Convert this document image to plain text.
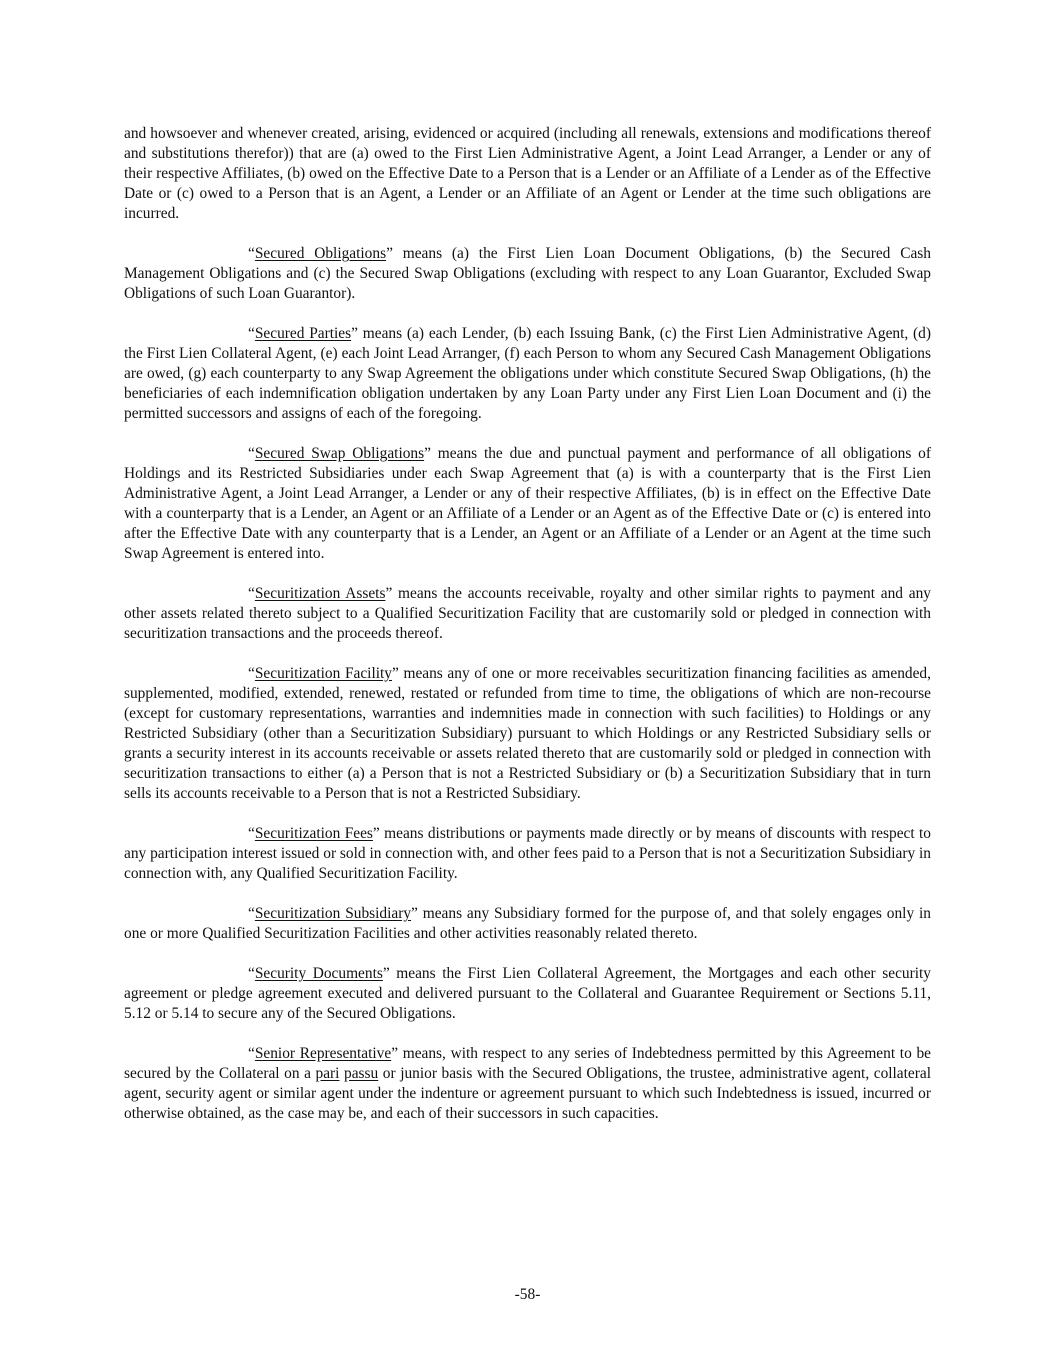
and howsoever and whenever created, arising, evidenced or acquired (including all renewals, extensions and modifications thereof and substitutions therefor)) that are (a) owed to the First Lien Administrative Agent, a Joint Lead Arranger, a Lender or any of their respective Affiliates, (b) owed on the Effective Date to a Person that is a Lender or an Affiliate of a Lender as of the Effective Date or (c) owed to a Person that is an Agent, a Lender or an Affiliate of an Agent or Lender at the time such obligations are incurred.

“Secured Obligations” means (a) the First Lien Loan Document Obligations, (b) the Secured Cash Management Obligations and (c) the Secured Swap Obligations (excluding with respect to any Loan Guarantor, Excluded Swap Obligations of such Loan Guarantor).

“Secured Parties” means (a) each Lender, (b) each Issuing Bank, (c) the First Lien Administrative Agent, (d) the First Lien Collateral Agent, (e) each Joint Lead Arranger, (f) each Person to whom any Secured Cash Management Obligations are owed, (g) each counterparty to any Swap Agreement the obligations under which constitute Secured Swap Obligations, (h) the beneficiaries of each indemnification obligation undertaken by any Loan Party under any First Lien Loan Document and (i) the permitted successors and assigns of each of the foregoing.

“Secured Swap Obligations” means the due and punctual payment and performance of all obligations of Holdings and its Restricted Subsidiaries under each Swap Agreement that (a) is with a counterparty that is the First Lien Administrative Agent, a Joint Lead Arranger, a Lender or any of their respective Affiliates, (b) is in effect on the Effective Date with a counterparty that is a Lender, an Agent or an Affiliate of a Lender or an Agent as of the Effective Date or (c) is entered into after the Effective Date with any counterparty that is a Lender, an Agent or an Affiliate of a Lender or an Agent at the time such Swap Agreement is entered into.

“Securitization Assets” means the accounts receivable, royalty and other similar rights to payment and any other assets related thereto subject to a Qualified Securitization Facility that are customarily sold or pledged in connection with securitization transactions and the proceeds thereof.

“Securitization Facility” means any of one or more receivables securitization financing facilities as amended, supplemented, modified, extended, renewed, restated or refunded from time to time, the obligations of which are non-recourse (except for customary representations, warranties and indemnities made in connection with such facilities) to Holdings or any Restricted Subsidiary (other than a Securitization Subsidiary) pursuant to which Holdings or any Restricted Subsidiary sells or grants a security interest in its accounts receivable or assets related thereto that are customarily sold or pledged in connection with securitization transactions to either (a) a Person that is not a Restricted Subsidiary or (b) a Securitization Subsidiary that in turn sells its accounts receivable to a Person that is not a Restricted Subsidiary.

“Securitization Fees” means distributions or payments made directly or by means of discounts with respect to any participation interest issued or sold in connection with, and other fees paid to a Person that is not a Securitization Subsidiary in connection with, any Qualified Securitization Facility.

“Securitization Subsidiary” means any Subsidiary formed for the purpose of, and that solely engages only in one or more Qualified Securitization Facilities and other activities reasonably related thereto.

“Security Documents” means the First Lien Collateral Agreement, the Mortgages and each other security agreement or pledge agreement executed and delivered pursuant to the Collateral and Guarantee Requirement or Sections 5.11, 5.12 or 5.14 to secure any of the Secured Obligations.

“Senior Representative” means, with respect to any series of Indebtedness permitted by this Agreement to be secured by the Collateral on a pari passu or junior basis with the Secured Obligations, the trustee, administrative agent, collateral agent, security agent or similar agent under the indenture or agreement pursuant to which such Indebtedness is issued, incurred or otherwise obtained, as the case may be, and each of their successors in such capacities.

-58-
